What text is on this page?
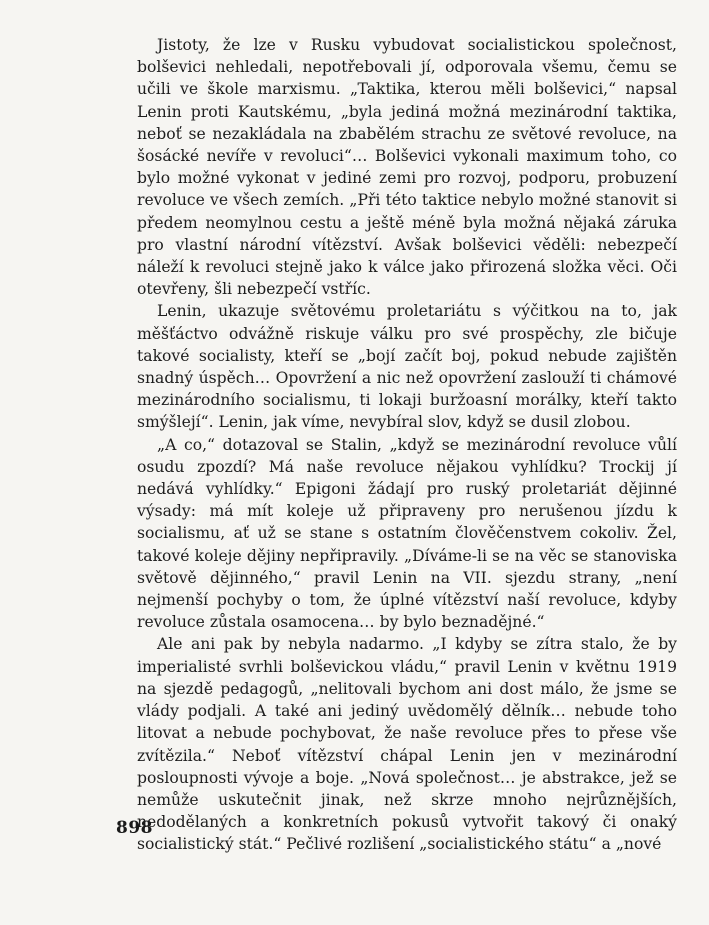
Jistoty, že lze v Rusku vybudovat socialistickou společnost, bolševici nehledali, nepotřebovali jí, odporovala všemu, čemu se učili ve škole marxismu. „Taktika, kterou měli bolševici,“ napsal Lenin proti Kautskému, „byla jediná možná mezinárodní taktika, neboť se nezakládala na zbabělém strachu ze světové revoluce, na šosácké nevíře v revoluci“… Bolševici vykonali maximum toho, co bylo možné vykonat v jediné zemi pro rozvoj, podporu, probuzení revoluce ve všech zemích. „Při této taktice nebylo možné stanovit si předem neomylnou cestu a ještě méně byla možná nějaká záruka pro vlastní národní vítězství. Avšak bolševici věděli: nebezpečí náleží k revoluci stejně jako k válce jako přirozená složka věci. Oči otevřeny, šli nebezpečí vstříc.

Lenin, ukazuje světovému proletariátu s výčitkou na to, jak měšťáctvo odvážně riskuje válku pro své prospěchy, zle bičuje takové socialisty, kteří se „bojí začít boj, pokud nebude zajištěn snadný úspěch… Opovržení a nic než opovržení zaslouží ti chámové mezinárodního socialismu, ti lokaji buržoasní morálky, kteří takto smýšlejí“. Lenin, jak víme, nevybíral slov, když se dusil zlobou.

„A co,“ dotazoval se Stalin, „když se mezinárodní revoluce vůlí osudu zpozdí? Má naše revoluce nějakou vyhlídku? Trockij jí nedává vyhlídky.“ Epigoni žádají pro ruský proletariát dějinné výsady: má mít koleje už připraveny pro nerušenou jízdu k socialismu, ať už se stane s ostatním člověčenstvem cokoliv. Žel, takové koleje dějiny nepřipravily. „Díváme-li se na věc se stanoviska světově dějinného,“ pravil Lenin na VII. sjezdu strany, „není nejmenší pochyby o tom, že úplné vítězství naší revoluce, kdyby revoluce zůstala osamocena… by bylo beznadějné.“

Ale ani pak by nebyla nadarmo. „I kdyby se zítra stalo, že by imperialisté svrhli bolševickou vládu,“ pravil Lenin v květnu 1919 na sjezdě pedagogů, „nelitovali bychom ani dost málo, že jsme se vlády podjali. A také ani jediný uvědomělý dělník… nebude toho litovat a nebude pochybovat, že naše revoluce přes to přese vše zvítězila.“ Neboť vítězství chápal Lenin jen v mezinárodní posloupnosti vývoje a boje. „Nová společnost… je abstrakce, jež se nemůže uskutečnit jinak, než skrze mnoho nejrůznějších, nedodělaných a konkretních pokusů vytvořit takový či onaký socialistický stát.“ Pečlivé rozlišení „socialistického státu“ a „nové

898
